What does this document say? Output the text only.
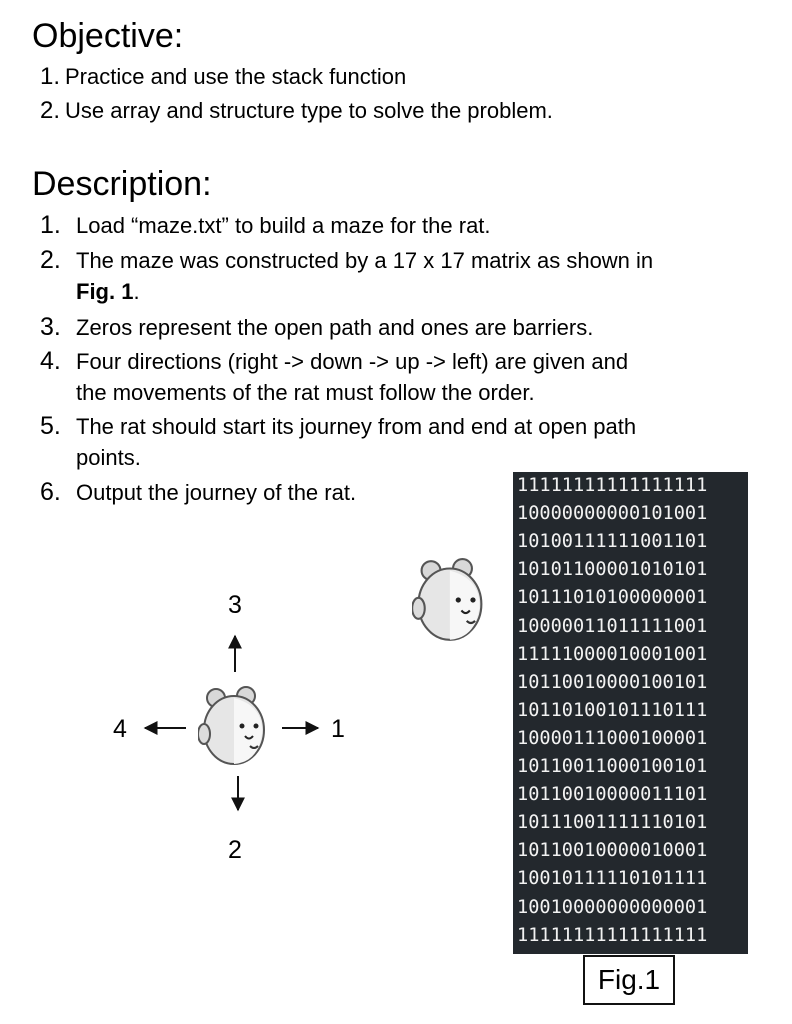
Objective:
1. Practice and use the stack function
2. Use array and structure type to solve the problem.
Description:
1. Load “maze.txt” to build a maze for the rat.
2. The maze was constructed by a 17 x 17 matrix as shown in
Fig. 1.
3. Zeros represent the open path and ones are barriers.
4. Four directions (right -> down -> up -> left) are given and
the movements of the rat must follow the order.
5. The rat should start its journey from and end at open path
points.
6. Output the journey of the rat.
3
2
4	1
11111111111111111
10000000000101001
10100111111001101
10101100001010101
10111010100000001
10000011011111001
11111000010001001
10110010000100101
10110100101110111
10000111000100001
10110011000100101
10110010000011101
10111001111110101
10110010000010001
10010111110101111
10010000000000001
11111111111111111
Fig.1
